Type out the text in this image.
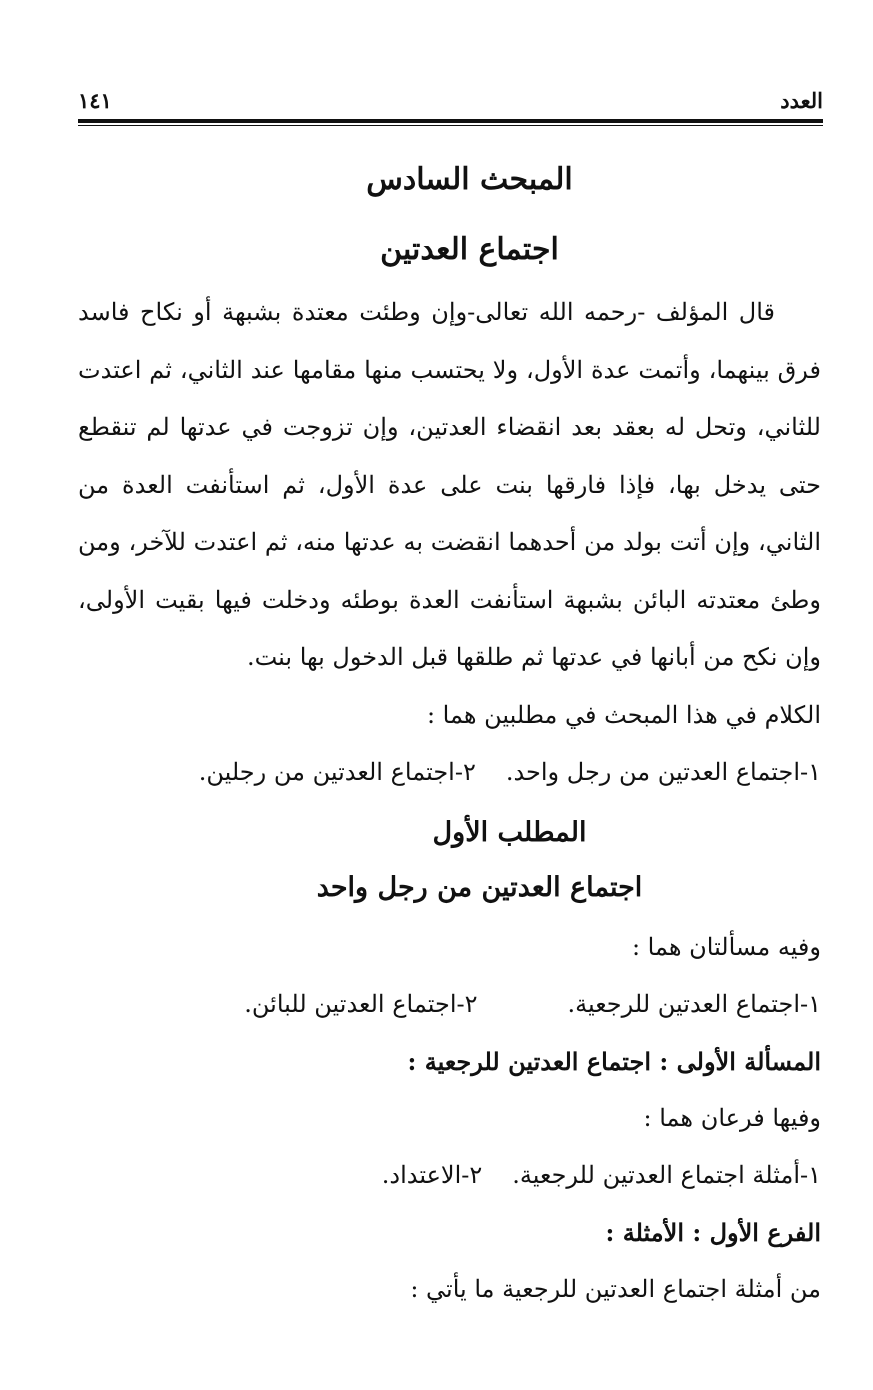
العدد
١٤١
المبحث السادس
اجتماع العدتين

قال المؤلف -رحمه الله تعالى-وإن وطئت معتدة بشبهة أو نكاح فاسد فرق بينهما، وأتمت عدة الأول، ولا يحتسب منها مقامها عند الثاني، ثم اعتدت للثاني، وتحل له بعقد بعد انقضاء العدتين، وإن تزوجت في عدتها لم تنقطع حتى يدخل بها، فإذا فارقها بنت على عدة الأول، ثم استأنفت العدة من الثاني، وإن أتت بولد من أحدهما انقضت به عدتها منه، ثم اعتدت للآخر، ومن وطئ معتدته البائن بشبهة استأنفت العدة بوطئه ودخلت فيها بقيت الأولى، وإن نكح من أبانها في عدتها ثم طلقها قبل الدخول بها بنت.

الكلام في هذا المبحث في مطلبين هما :

١-اجتماع العدتين من رجل واحد.٢-اجتماع العدتين من رجلين.

المطلب الأول
اجتماع العدتين من رجل واحد

وفيه مسألتان هما :

١-اجتماع العدتين للرجعية.٢-اجتماع العدتين للبائن.

المسألة الأولى : اجتماع العدتين للرجعية :

وفيها فرعان هما :

١-أمثلة اجتماع العدتين للرجعية.٢-الاعتداد.

الفرع الأول : الأمثلة :

من أمثلة اجتماع العدتين للرجعية ما يأتي :
